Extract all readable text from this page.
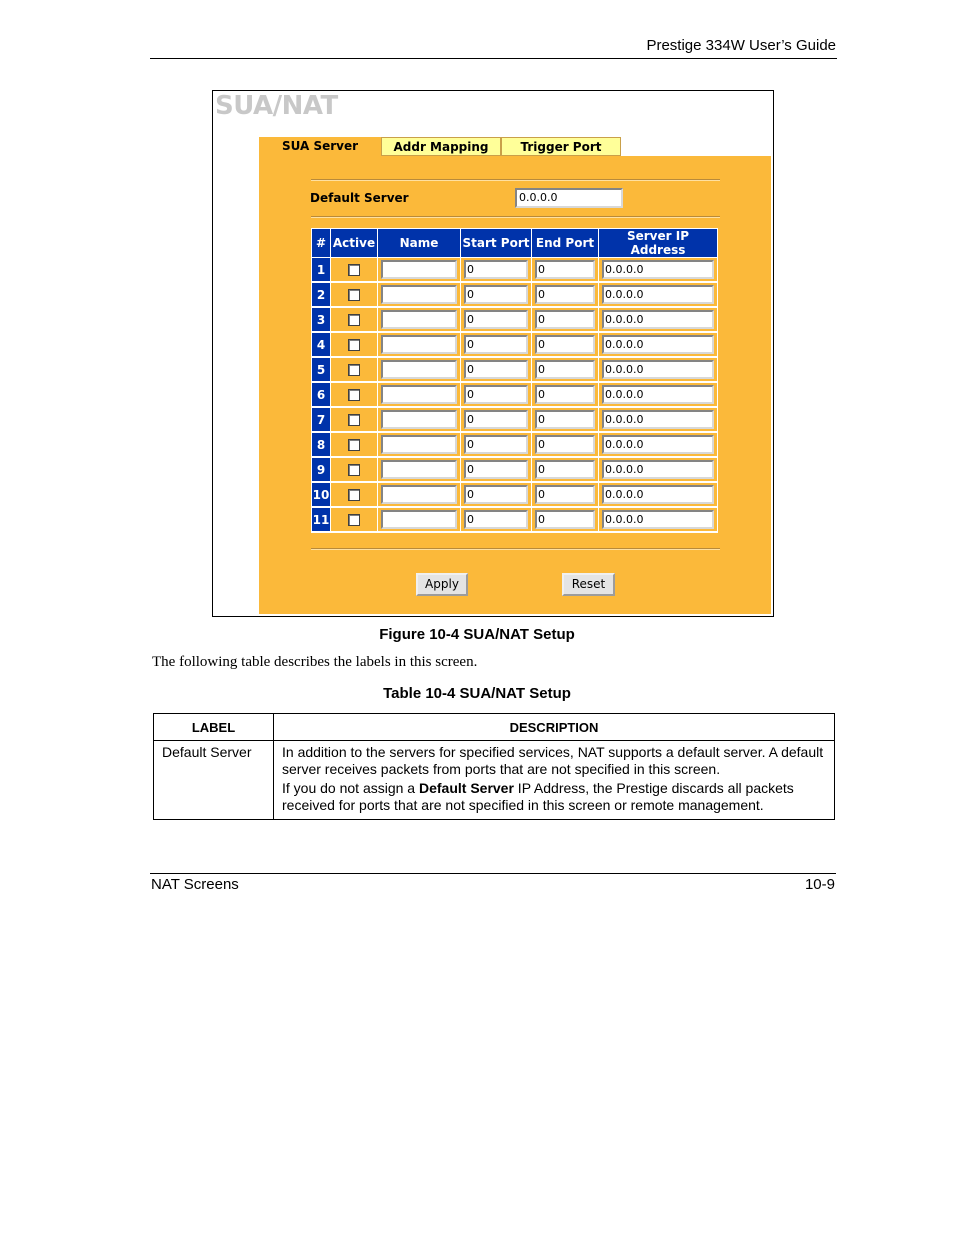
Prestige 334W User’s Guide
SUA/NAT
SUA Server	Addr Mapping	Trigger Port
Default Server	0.0.0.0
#	Active	Name	Start Port	End Port	Server IP Address
1			0	0	0.0.0.0

2			0	0	0.0.0.0

3			0	0	0.0.0.0

4			0	0	0.0.0.0

5			0	0	0.0.0.0

6			0	0	0.0.0.0

7			0	0	0.0.0.0

8			0	0	0.0.0.0

9			0	0	0.0.0.0

10			0	0	0.0.0.0

11			0	0	0.0.0.0
Apply	Reset
Figure 10-4 SUA/NAT Setup
The following table describes the labels in this screen.
Table 10-4 SUA/NAT Setup
LABEL	DESCRIPTION
Default Server	In addition to the servers for specified services, NAT supports a default server. A default server receives packets from ports that are not specified in this screen.

If you do not assign a Default Server IP Address, the Prestige discards all packets received for ports that are not specified in this screen or remote management.

NAT Screens	10-9
